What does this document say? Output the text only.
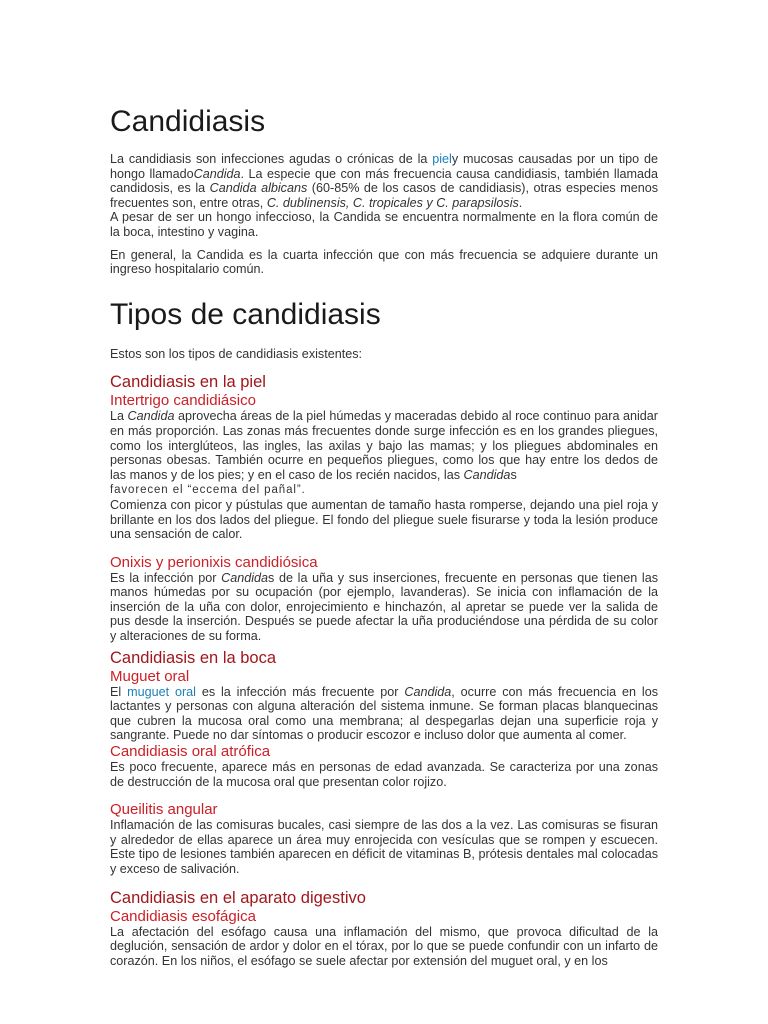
Candidiasis

La candidiasis son infecciones agudas o crónicas de la piely mucosas causadas por un tipo de hongo llamadoCandida. La especie que con más frecuencia causa candidiasis, también llamada candidosis, es la Candida albicans (60-85% de los casos de candidiasis), otras especies menos frecuentes son, entre otras, C. dublinensis, C. tropicales y C. parapsilosis.

A pesar de ser un hongo infeccioso, la Candida se encuentra normalmente en la flora común de la boca, intestino y vagina.

En general, la Candida es la cuarta infección que con más frecuencia se adquiere durante un ingreso hospitalario común.

Tipos de candidiasis

Estos son los tipos de candidiasis existentes:

Candidiasis en la piel
Intertrigo candidiásico

La Candida aprovecha áreas de la piel húmedas y maceradas debido al roce continuo para anidar en más proporción. Las zonas más frecuentes donde surge infección es en los grandes pliegues, como los interglúteos, las ingles, las axilas y bajo las mamas; y los pliegues abdominales en personas obesas. También ocurre en pequeños pliegues, como los que hay entre los dedos de las manos y de los pies; y en el caso de los recién nacidos, las Candidas
favorecen el “eccema del pañal”.

Comienza con picor y pústulas que aumentan de tamaño hasta romperse, dejando una piel roja y brillante en los dos lados del pliegue. El fondo del pliegue suele fisurarse y toda la lesión produce una sensación de calor.

Onixis y perionixis candidiósica

Es la infección por Candidas de la uña y sus inserciones, frecuente en personas que tienen las manos húmedas por su ocupación (por ejemplo, lavanderas). Se inicia con inflamación de la inserción de la uña con dolor, enrojecimiento e hinchazón, al apretar se puede ver la salida de pus desde la inserción. Después se puede afectar la uña produciéndose una pérdida de su color y alteraciones de su forma.

Candidiasis en la boca
Muguet oral

El muguet oral es la infección más frecuente por Candida, ocurre con más frecuencia en los lactantes y personas con alguna alteración del sistema inmune. Se forman placas blanquecinas que cubren la mucosa oral como una membrana; al despegarlas dejan una superficie roja y sangrante. Puede no dar síntomas o producir escozor e incluso dolor que aumenta al comer.

Candidiasis oral atrófica

Es poco frecuente, aparece más en personas de edad avanzada. Se caracteriza por una zonas de destrucción de la mucosa oral que presentan color rojizo.

Queilitis angular

Inflamación de las comisuras bucales, casi siempre de las dos a la vez. Las comisuras se fisuran y alrededor de ellas aparece un área muy enrojecida con vesículas que se rompen y escuecen. Este tipo de lesiones también aparecen en déficit de vitaminas B, prótesis dentales mal colocadas y exceso de salivación.

Candidiasis en el aparato digestivo
Candidiasis esofágica

La afectación del esófago causa una inflamación del mismo, que provoca dificultad de la deglución, sensación de ardor y dolor en el tórax, por lo que se puede confundir con un infarto de corazón. En los niños, el esófago se suele afectar por extensión del muguet oral, y en los
